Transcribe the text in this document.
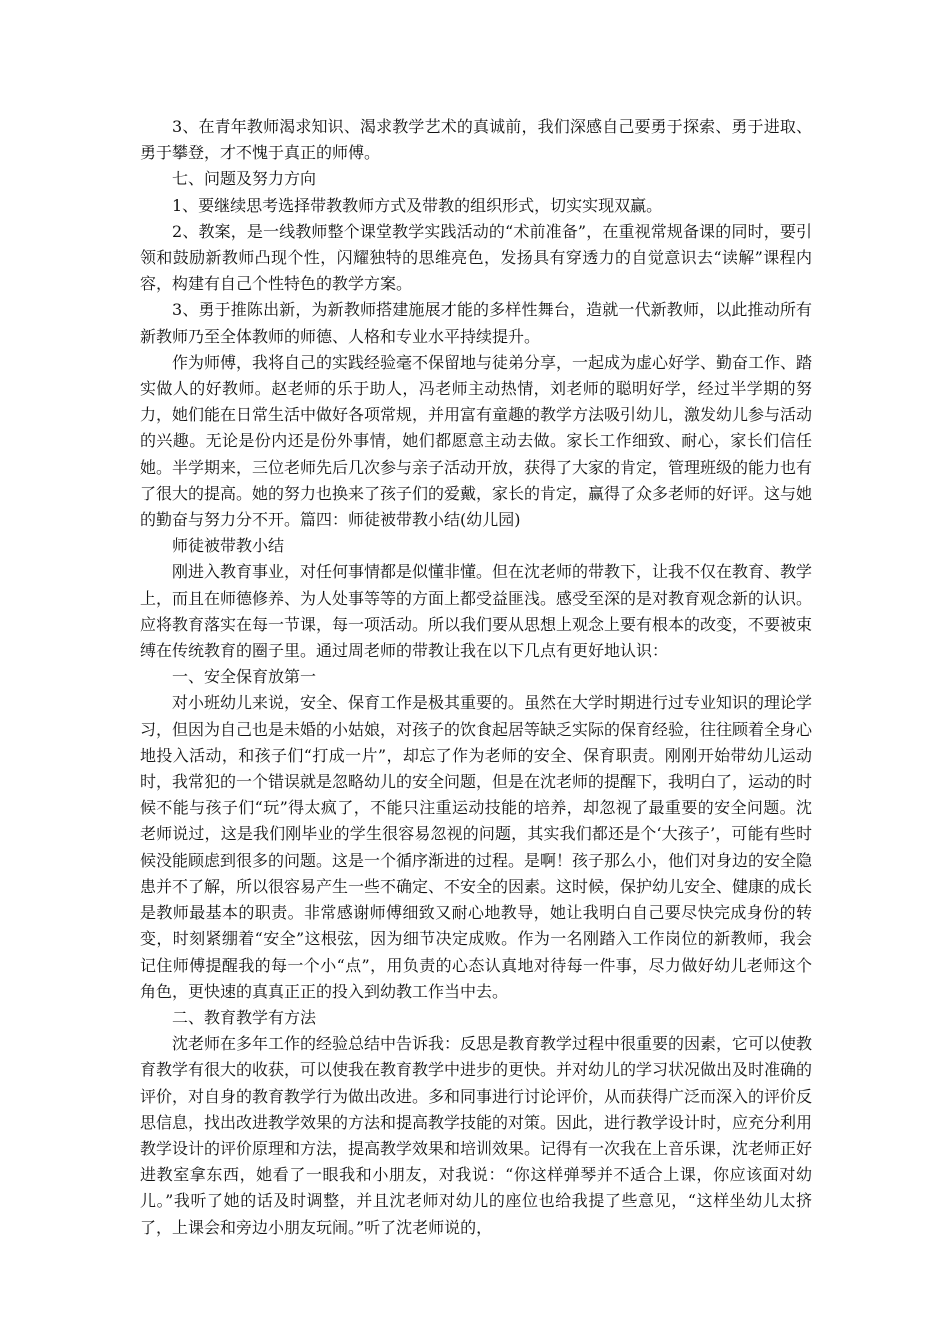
3、在青年教师渴求知识、渴求教学艺术的真诚前，我们深感自己要勇于探索、勇于进取、勇于攀登，才不愧于真正的师傅。

七、问题及努力方向

1、要继续思考选择带教教师方式及带教的组织形式，切实实现双赢。

2、教案，是一线教师整个课堂教学实践活动的“术前准备”，在重视常规备课的同时，要引领和鼓励新教师凸现个性，闪耀独特的思维亮色，发扬具有穿透力的自觉意识去“读解”课程内容，构建有自己个性特色的教学方案。

3、勇于推陈出新，为新教师搭建施展才能的多样性舞台，造就一代新教师，以此推动所有新教师乃至全体教师的师德、人格和专业水平持续提升。

作为师傅，我将自己的实践经验毫不保留地与徒弟分享，一起成为虚心好学、勤奋工作、踏实做人的好教师。赵老师的乐于助人，冯老师主动热情，刘老师的聪明好学，经过半学期的努力，她们能在日常生活中做好各项常规，并用富有童趣的教学方法吸引幼儿，激发幼儿参与活动的兴趣。无论是份内还是份外事情，她们都愿意主动去做。家长工作细致、耐心，家长们信任她。半学期来，三位老师先后几次参与亲子活动开放，获得了大家的肯定，管理班级的能力也有了很大的提高。她的努力也换来了孩子们的爱戴，家长的肯定，赢得了众多老师的好评。这与她的勤奋与努力分不开。篇四：师徒被带教小结(幼儿园)

师徒被带教小结

刚进入教育事业，对任何事情都是似懂非懂。但在沈老师的带教下，让我不仅在教育、教学上，而且在师德修养、为人处事等等的方面上都受益匪浅。感受至深的是对教育观念新的认识。应将教育落实在每一节课，每一项活动。所以我们要从思想上观念上要有根本的改变，不要被束缚在传统教育的圈子里。通过周老师的带教让我在以下几点有更好地认识：

一、安全保育放第一

对小班幼儿来说，安全、保育工作是极其重要的。虽然在大学时期进行过专业知识的理论学习，但因为自己也是未婚的小姑娘，对孩子的饮食起居等缺乏实际的保育经验，往往顾着全身心地投入活动，和孩子们“打成一片”，却忘了作为老师的安全、保育职责。刚刚开始带幼儿运动时，我常犯的一个错误就是忽略幼儿的安全问题，但是在沈老师的提醒下，我明白了，运动的时候不能与孩子们“玩”得太疯了，不能只注重运动技能的培养，却忽视了最重要的安全问题。沈老师说过，这是我们刚毕业的学生很容易忽视的问题，其实我们都还是个‘大孩子’，可能有些时候没能顾虑到很多的问题。这是一个循序渐进的过程。是啊！孩子那么小，他们对身边的安全隐患并不了解，所以很容易产生一些不确定、不安全的因素。这时候，保护幼儿安全、健康的成长是教师最基本的职责。非常感谢师傅细致又耐心地教导，她让我明白自己要尽快完成身份的转变，时刻紧绷着“安全”这根弦，因为细节决定成败。作为一名刚踏入工作岗位的新教师，我会记住师傅提醒我的每一个小“点”，用负责的心态认真地对待每一件事，尽力做好幼儿老师这个角色，更快速的真真正正的投入到幼教工作当中去。

二、教育教学有方法

沈老师在多年工作的经验总结中告诉我：反思是教育教学过程中很重要的因素，它可以使教育教学有很大的收获，可以使我在教育教学中进步的更快。并对幼儿的学习状况做出及时准确的评价，对自身的教育教学行为做出改进。多和同事进行讨论评价，从而获得广泛而深入的评价反思信息，找出改进教学效果的方法和提高教学技能的对策。因此，进行教学设计时，应充分利用教学设计的评价原理和方法，提高教学效果和培训效果。记得有一次我在上音乐课，沈老师正好进教室拿东西，她看了一眼我和小朋友，对我说：“你这样弹琴并不适合上课，你应该面对幼儿。”我听了她的话及时调整，并且沈老师对幼儿的座位也给我提了些意见，“这样坐幼儿太挤了，上课会和旁边小朋友玩闹。”听了沈老师说的，
